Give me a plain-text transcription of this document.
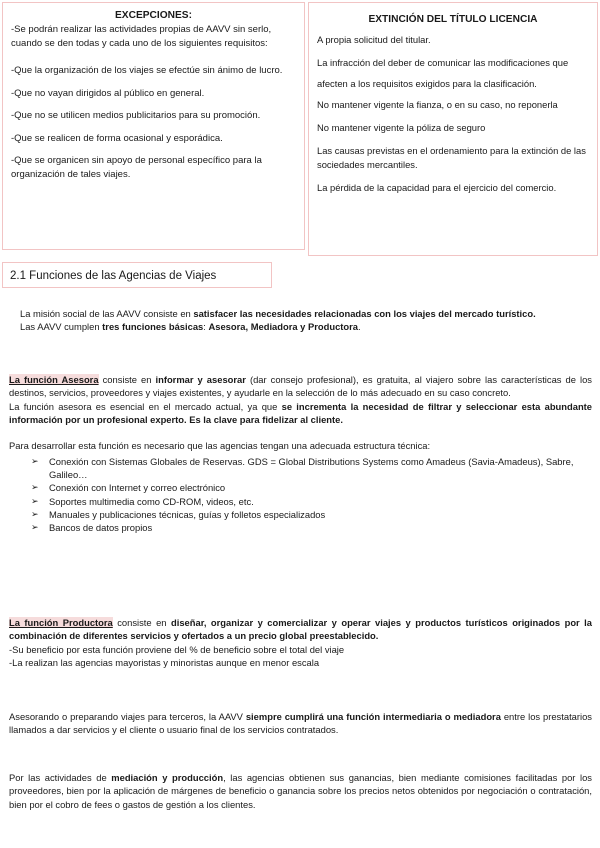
EXCEPCIONES:

-Se podrán realizar las actividades propias de AAVV sin serlo, cuando se den todas y cada uno de los siguientes requisitos:

-Que la organización de los viajes se efectúe sin ánimo de lucro.

-Que no vayan dirigidos al público en general.

-Que no se utilicen medios publicitarios para su promoción.

-Que se realicen de forma ocasional y esporádica.

-Que se organicen sin apoyo de personal específico para la organización de tales viajes.

EXTINCIÓN DEL TÍTULO LICENCIA

A propia solicitud del titular.

La infracción del deber de comunicar las modificaciones que afecten a los requisitos exigidos para la clasificación.

No mantener vigente la fianza, o en su caso, no reponerla

No mantener vigente la póliza de seguro

Las causas previstas en el ordenamiento para la extinción de las sociedades mercantiles.

La pérdida de la capacidad para el ejercicio del comercio.

2.1 Funciones de las Agencias de Viajes

La misión social de las AAVV consiste en satisfacer las necesidades relacionadas con los viajes del mercado turístico.

Las AAVV cumplen tres funciones básicas: Asesora, Mediadora y Productora.

La función Asesora consiste en informar y asesorar (dar consejo profesional), es gratuita, al viajero sobre las características de los destinos, servicios, proveedores y viajes existentes, y ayudarle en la selección de lo más adecuado en su caso concreto.

La función asesora es esencial en el mercado actual, ya que se incrementa la necesidad de filtrar y seleccionar esta abundante información por un profesional experto. Es la clave para fidelizar al cliente.

Para desarrollar esta función es necesario que las agencias tengan una adecuada estructura técnica:

➢ Conexión con Sistemas Globales de Reservas. GDS = Global Distributions Systems como Amadeus (Savia-Amadeus), Sabre, Galileo…
➢ Conexión con Internet y correo electrónico
➢ Soportes multimedia como CD-ROM, videos, etc.
➢ Manuales y publicaciones técnicas, guías y folletos especializados
➢ Bancos de datos propios

La función Productora consiste en diseñar, organizar y comercializar y operar viajes y productos turísticos originados por la combinación de diferentes servicios y ofertados a un precio global preestablecido.

-Su beneficio por esta función proviene del % de beneficio sobre el total del viaje

-La realizan las agencias mayoristas y minoristas aunque en menor escala

Asesorando o preparando viajes para terceros, la AAVV siempre cumplirá una función intermediaria o mediadora entre los prestatarios llamados a dar servicios y el cliente o usuario final de los servicios contratados.

Por las actividades de mediación y producción, las agencias obtienen sus ganancias, bien mediante comisiones facilitadas por los proveedores, bien por la aplicación de márgenes de beneficio o ganancia sobre los precios netos obtenidos por negociación o contratación, bien por el cobro de fees o gastos de gestión a los clientes.
